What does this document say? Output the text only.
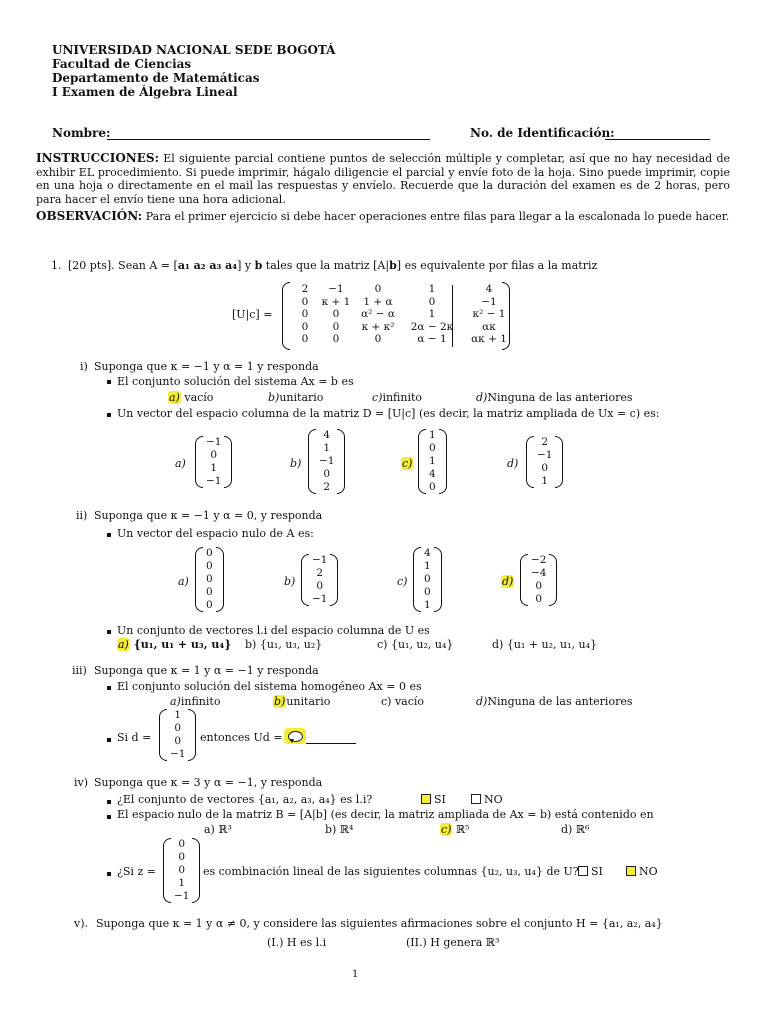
UNIVERSIDAD NACIONAL SEDE BOGOTÁ
Facultad de Ciencias
Departamento de Matemáticas
I Examen de Álgebra Lineal
Nombre:	No. de Identificación:
INSTRUCCIONES: El siguiente parcial contiene puntos de selección múltiple y completar, así que no hay necesidad de exhibir EL procedimiento. Si puede imprimir, hágalo diligencie el parcial y envíe foto de la hoja. Sino puede imprimir, copie en una hoja o directamente en el mail las respuestas y envíelo. Recuerde que la duración del examen es de 2 horas, pero para hacer el envío tiene una hora adicional.
OBSERVACIÓN: Para el primer ejercicio si debe hacer operaciones entre filas para llegar a la escalonada lo puede hacer.
1. [20 pts]. Sean A = [a₁ a₂ a₃ a₄] y b tales que la matriz [A|b] es equivalente por filas a la matriz
[U|c] =
2	−1	0	1	4
0	κ + 1	1 + α	0	−1
0	0	α² − α	1	κ² − 1
0	0	κ + κ²	2α − 2κ	ακ
0	0	0	α − 1	ακ + 1
i) Suponga que κ = −1 y α = 1 y responda
El conjunto solución del sistema Ax = b es
a) vacío	b)unitario	c)infinito	d)Ninguna de las anteriores
Un vector del espacio columna de la matriz D = [U|c] (es decir, la matriz ampliada de Ux = c) es:
a)
−1
0
1
−1
b)
4
1
−1
0
2
c)
1
0
1
4
0
d)
2
−1
0
1
ii) Suponga que κ = −1 y α = 0, y responda
Un vector del espacio nulo de A es:
a)
0
0
0
0
0
b)
−1
2
0
−1
c)
4
1
0
0
1
d)
−2
−4
0
0
Un conjunto de vectores l.i del espacio columna de U es
a) {u₁, u₁ + u₃, u₄} b) {u₁, u₃, u₂}	c) {u₁, u₂, u₄}	d) {u₁ + u₂, u₁, u₄}
iii) Suponga que κ = 1 y α = −1 y responda
El conjunto solución del sistema homogéneo Ax = 0 es
a)infinito	b)unitario	c) vacío	d)Ninguna de las anteriores
Si d =
1
0
0
−1
entonces Ud =
iv) Suponga que κ = 3 y α = −1, y responda
¿El conjunto de vectores {a₁, a₂, a₃, a₄} es l.i?	SI	NO
El espacio nulo de la matriz B = [A|b] (es decir, la matriz ampliada de Ax = b) está contenido en
a) ℝ³	b) ℝ⁴	c) ℝ⁵	d) ℝ⁶
¿Si z =
0
0
0
1
−1
es combinación lineal de las siguientes columnas {u₂, u₃, u₄} de U?	SI	NO
v). Suponga que κ = 1 y α ≠ 0, y considere las siguientes afirmaciones sobre el conjunto H = {a₁, a₂, a₄}
(I.) H es l.i	(II.) H genera ℝ³
1
